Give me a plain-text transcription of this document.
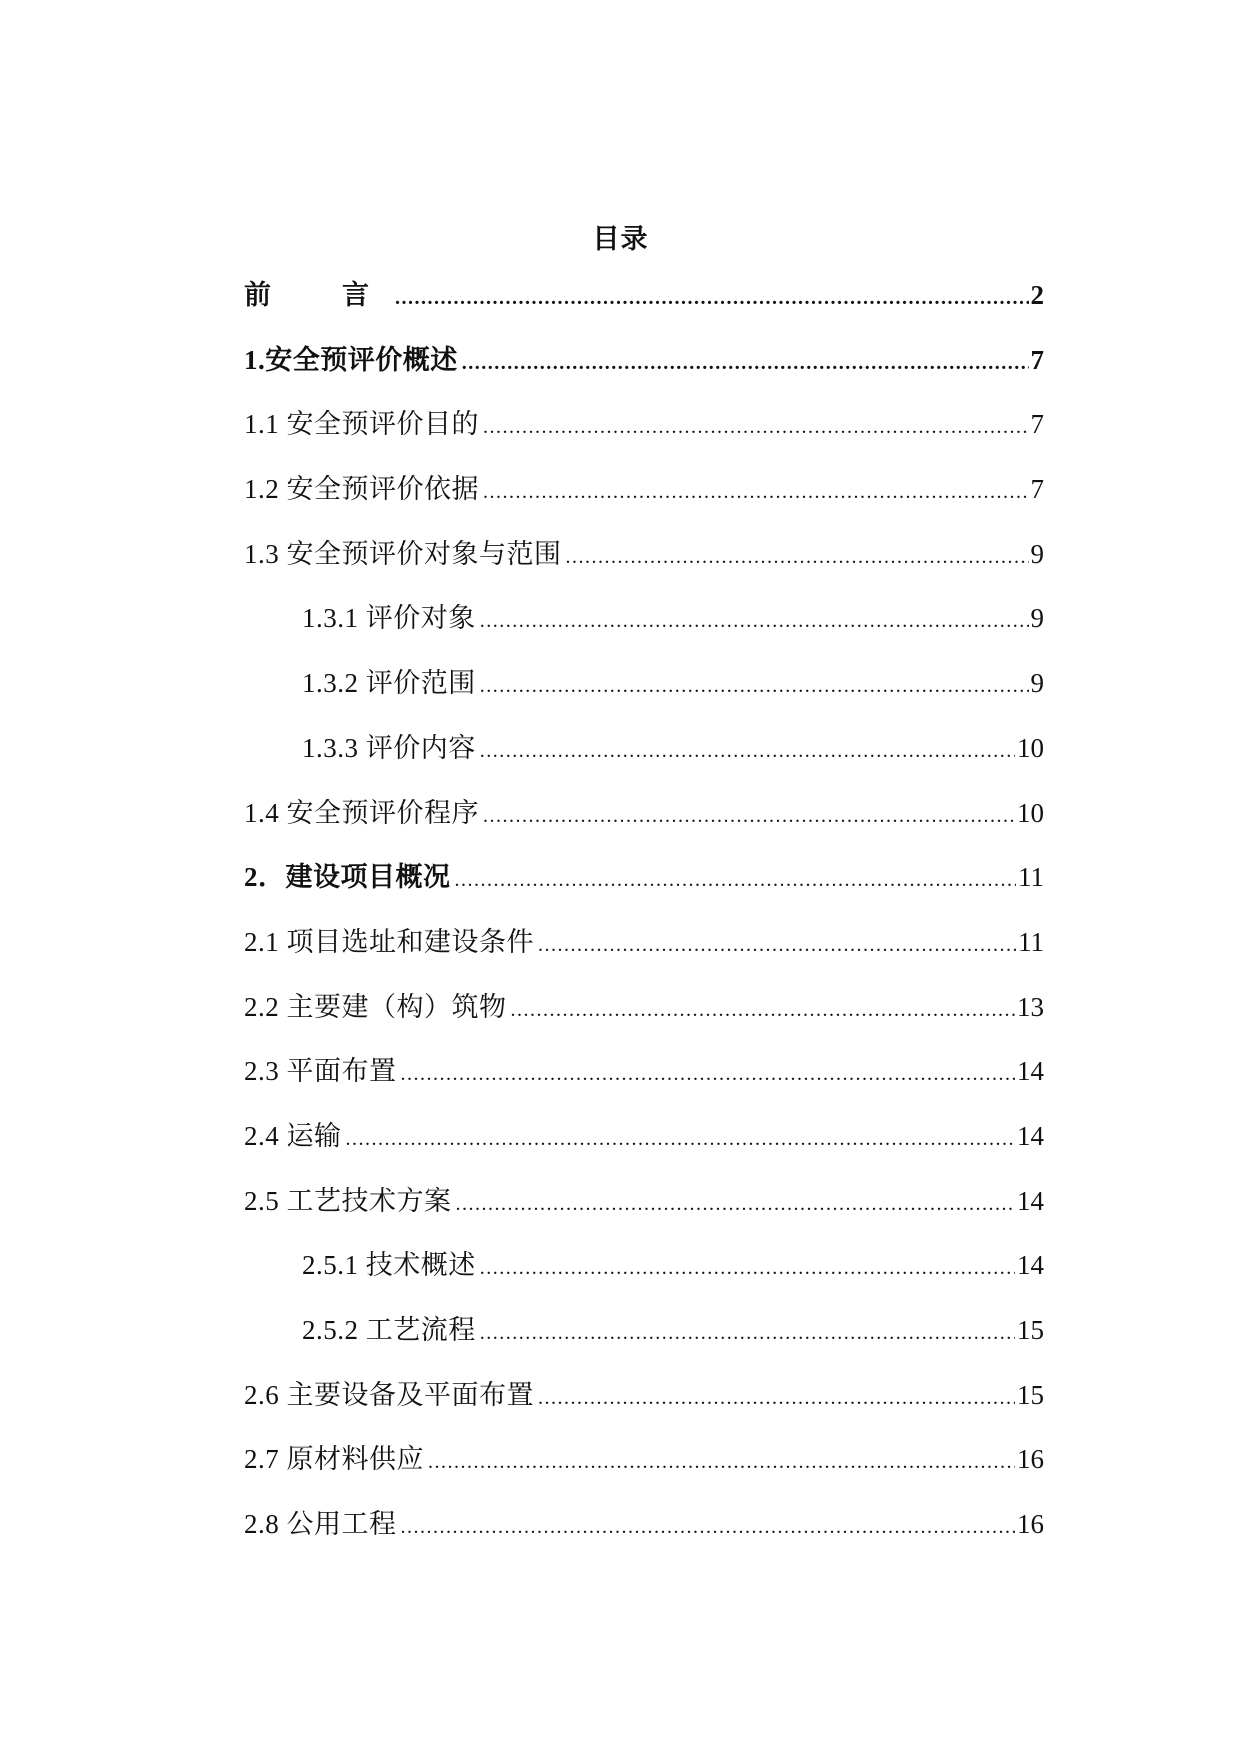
目录
前　言 .....	2
1.安全预评价概述 .....	7
1.1 安全预评价目的 .....	7
1.2 安全预评价依据 .....	7
1.3 安全预评价对象与范围 .....	9
1.3.1 评价对象 .....	9
1.3.2 评价范围 .....	9
1.3.3 评价内容 .....	10
1.4 安全预评价程序 .....	10
2．建设项目概况 .....	11
2.1 项目选址和建设条件 .....	11
2.2 主要建（构）筑物 .....	13
2.3 平面布置 .....	14
2.4 运输 .....	14
2.5 工艺技术方案 .....	14
2.5.1 技术概述 .....	14
2.5.2 工艺流程 .....	15
2.6 主要设备及平面布置 .....	15
2.7 原材料供应 .....	16
2.8 公用工程 .....	16
